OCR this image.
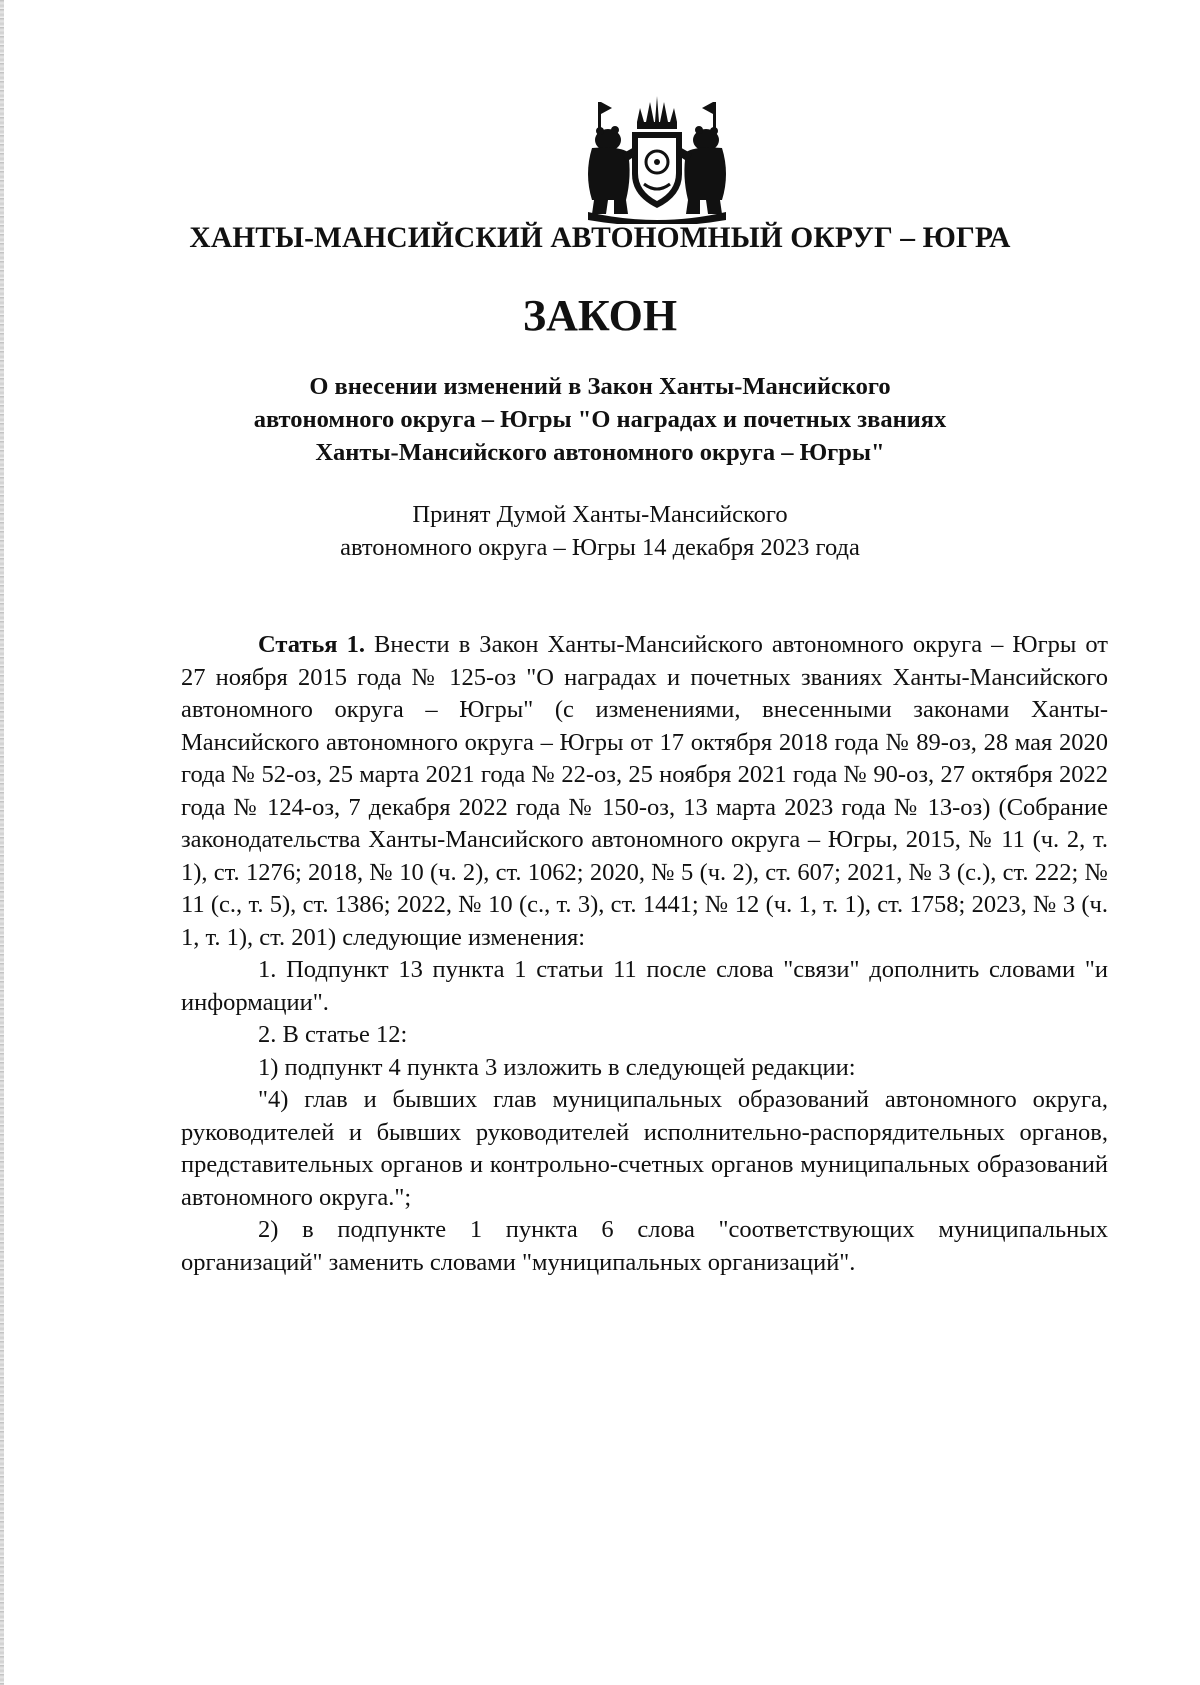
ХАНТЫ-МАНСИЙСКИЙ АВТОНОМНЫЙ ОКРУГ – ЮГРА
ЗАКОН
О внесении изменений в Закон Ханты-Мансийского
автономного округа – Югры "О наградах и почетных званиях
Ханты-Мансийского автономного округа – Югры"
Принят Думой Ханты-Мансийского
автономного округа – Югры 14 декабря 2023 года

Статья 1. Внести в Закон Ханты-Мансийского автономного округа – Югры от 27 ноября 2015 года № 125-оз "О наградах и почетных званиях Ханты-Мансийского автономного округа – Югры" (с изменениями, внесенными законами Ханты-Мансийского автономного округа – Югры от 17 октября 2018 года № 89-оз, 28 мая 2020 года № 52-оз, 25 марта 2021 года № 22-оз, 25 ноября 2021 года № 90-оз, 27 октября 2022 года № 124-оз, 7 декабря 2022 года № 150-оз, 13 марта 2023 года № 13-оз) (Собрание законодательства Ханты-Мансийского автономного округа – Югры, 2015, № 11 (ч. 2, т. 1), ст. 1276; 2018, № 10 (ч. 2), ст. 1062; 2020, № 5 (ч. 2), ст. 607; 2021, № 3 (с.), ст. 222; № 11 (с., т. 5), ст. 1386; 2022, № 10 (с., т. 3), ст. 1441; № 12 (ч. 1, т. 1), ст. 1758; 2023, № 3 (ч. 1, т. 1), ст. 201) следующие изменения:

1. Подпункт 13 пункта 1 статьи 11 после слова "связи" дополнить словами "и информации".

2. В статье 12:

1) подпункт 4 пункта 3 изложить в следующей редакции:

"4) глав и бывших глав муниципальных образований автономного округа, руководителей и бывших руководителей исполнительно-распорядительных органов, представительных органов и контрольно-счетных органов муниципальных образований автономного округа.";

2) в подпункте 1 пункта 6 слова "соответствующих муниципальных организаций" заменить словами "муниципальных организаций".
